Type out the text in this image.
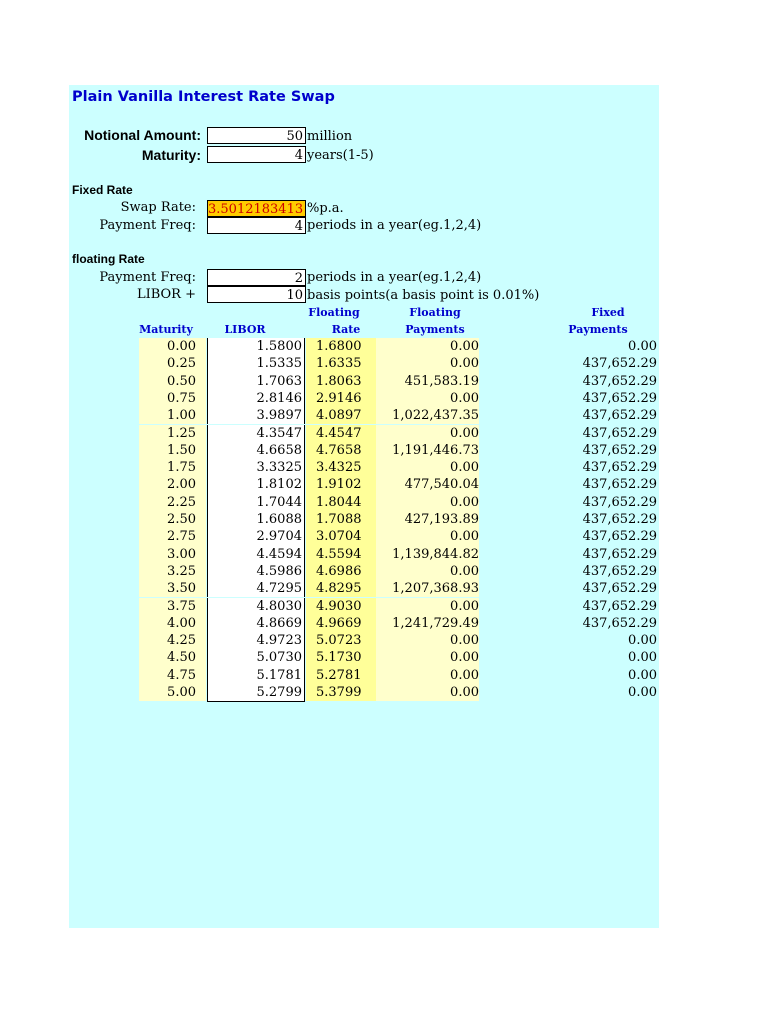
Plain Vanilla Interest Rate Swap
Notional Amount:	50 million
Maturity:	4 years(1-5)
Fixed Rate
Swap Rate: 3.5012183413 %p.a.
Payment Freq:	4 periods in a year(eg.1,2,4)
floating Rate
Payment Freq:	2 periods in a year(eg.1,2,4)
LIBOR +	10 basis points(a basis point is 0.01%)
Floating	Floating	Fixed
Maturity	LIBOR	Rate	Payments	Payments
0.00	1.5800	1.6800	0.00	0.00
0.25	1.5335	1.6335	0.00	437,652.29
0.50	1.7063	1.8063	451,583.19	437,652.29
0.75	2.8146	2.9146	0.00	437,652.29
1.00	3.9897	4.0897	1,022,437.35	437,652.29
1.25	4.3547	4.4547	0.00	437,652.29
1.50	4.6658	4.7658	1,191,446.73	437,652.29
1.75	3.3325	3.4325	0.00	437,652.29
2.00	1.8102	1.9102	477,540.04	437,652.29
2.25	1.7044	1.8044	0.00	437,652.29
2.50	1.6088	1.7088	427,193.89	437,652.29
2.75	2.9704	3.0704	0.00	437,652.29
3.00	4.4594	4.5594	1,139,844.82	437,652.29
3.25	4.5986	4.6986	0.00	437,652.29
3.50	4.7295	4.8295	1,207,368.93	437,652.29
3.75	4.8030	4.9030	0.00	437,652.29
4.00	4.8669	4.9669	1,241,729.49	437,652.29
4.25	4.9723	5.0723	0.00	0.00
4.50	5.0730	5.1730	0.00	0.00
4.75	5.1781	5.2781	0.00	0.00
5.00	5.2799	5.3799	0.00	0.00
